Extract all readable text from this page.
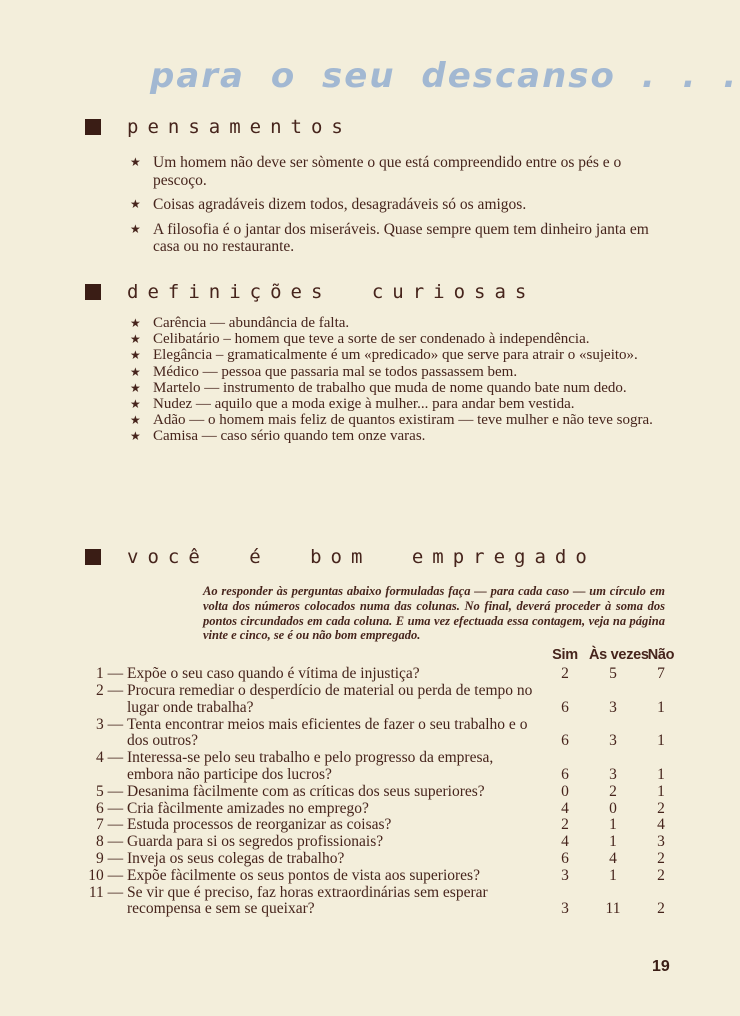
para o seu descanso . . .
pensamentos
★ Um homem não deve ser sòmente o que está compreendido entre os pés e o pescoço.
★ Coisas agradáveis dizem todos, desagradáveis só os amigos.
★ A filosofia é o jantar dos miseráveis. Quase sempre quem tem dinheiro janta em casa ou no restaurante.
definições curiosas
★ Carência — abundância de falta.
★ Celibatário – homem que teve a sorte de ser condenado à independência.
★ Elegância – gramaticalmente é um «predicado» que serve para atrair o «sujeito».
★ Médico — pessoa que passaria mal se todos passassem bem.
★ Martelo — instrumento de trabalho que muda de nome quando bate num dedo.
★ Nudez — aquilo que a moda exige à mulher... para andar bem vestida.
★ Adão — o homem mais feliz de quantos existiram — teve mulher e não teve sogra.
★ Camisa — caso sério quando tem onze varas.
você é bom empregado

Ao responder às perguntas abaixo formuladas faça — para cada caso — um círculo em volta dos números colocados numa das colunas. No final, deverá proceder à soma dos pontos circundados em cada coluna. E uma vez efectuada essa contagem, veja na página vinte e cinco, se é ou não bom empregado.

Sim Às vezes Não
1 — Expõe o seu caso quando é vítima de injustiça?	2	5	7
2 — Procura remediar o desperdício de material ou perda de tempo no lugar onde trabalha?	6	3	1
3 — Tenta encontrar meios mais eficientes de fazer o seu trabalho e o dos outros?	6	3	1
4 — Interessa-se pelo seu trabalho e pelo progresso da empresa, embora não participe dos lucros?	6	3	1
5 — Desanima fàcilmente com as críticas dos seus superiores?	0	2	1
6 — Cria fàcilmente amizades no emprego?	4	0	2
7 — Estuda processos de reorganizar as coisas?	2	1	4
8 — Guarda para si os segredos profissionais?	4	1	3
9 — Inveja os seus colegas de trabalho?	6	4	2
10 — Expõe fàcilmente os seus pontos de vista aos superiores?	3	1	2
11 — Se vir que é preciso, faz horas extraordinárias sem esperar recompensa e sem se queixar?	3	11	2
19
